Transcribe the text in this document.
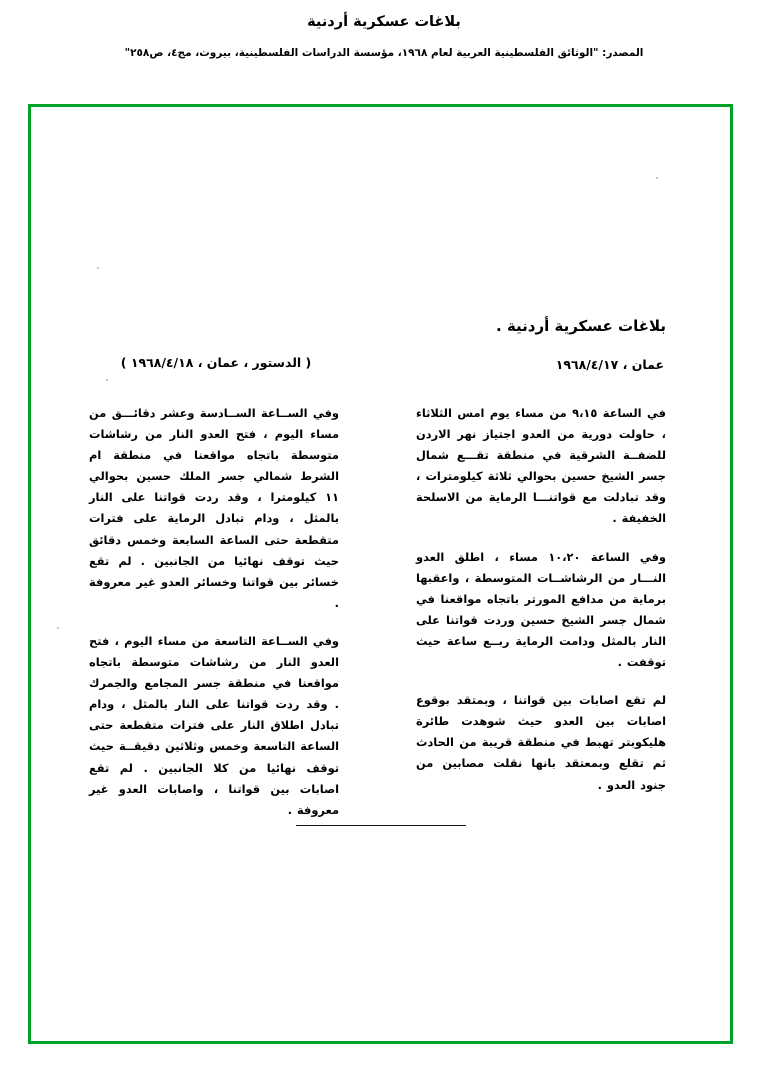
بلاغات عسكرية أردنية
المصدر: "الوثائق الفلسطينية العربية لعام ١٩٦٨، مؤسسة الدراسات الفلسطينية، بيروت، مج٤، ص٢٥٨"
بلاغات عسكرية أردنية .
عمان ، ١٩٦٨/٤/١٧
( الدستور ، عمان ، ١٩٦٨/٤/١٨ )

في الساعة ٩،١٥ من مساء يوم امس الثلاثاء ، حاولت دورية من العدو اجتياز نهر الاردن للضفــة الشرقية في منطقة تقـــع شمال جسر الشيخ حسين بحوالي ثلاثة كيلومترات ، وقد تبادلت مع قواتنـــا الرماية من الاسلحة الخفيفة .

وفي الساعة ١٠،٢٠ مساء ، اطلق العدو النـــار من الرشاشــات المتوسطة ، واعقبها برماية من مدافع المورتر باتجاه مواقعنا في شمال جسر الشيخ حسين وردت قواتنا على النار بالمثل ودامت الرماية ربــع ساعة حيث توقفت .

لم تقع اصابات بين قواتنا ، وبمتقد بوقوع اصابات بين العدو حيث شوهدت طائرة هليكوبتر تهبط في منطقة قريبة من الحادث ثم تقلع وبمعتقد بانها نقلت مصابين من جنود العدو .

وفي الســاعة الســادسة وعشر دقائـــق من مساء اليوم ، فتح العدو النار من رشاشات متوسطة باتجاه مواقعنا في منطقة ام الشرط شمالي جسر الملك حسين بحوالي ١١ كيلومترا ، وقد ردت قواتنا على النار بالمثل ، ودام تبادل الرماية على فترات متقطعة حتى الساعة السابعة وخمس دقائق حيث توقف نهائيا من الجانبين . لم تقع خسائر بين قواتنا وخسائر العدو غير معروفة .

وفي الســاعة التاسعة من مساء اليوم ، فتح العدو النار من رشاشات متوسطة باتجاه مواقعنا في منطقة جسر المجامع والجمرك . وقد ردت قواتنا على النار بالمثل ، ودام تبادل اطلاق النار على فترات متقطعة حتى الساعة التاسعة وخمس وثلاثين دقيقــة حيث توقف نهائيا من كلا الجانبين . لم تقع اصابات بين قواتنا ، واصابات العدو غير معروفة .
